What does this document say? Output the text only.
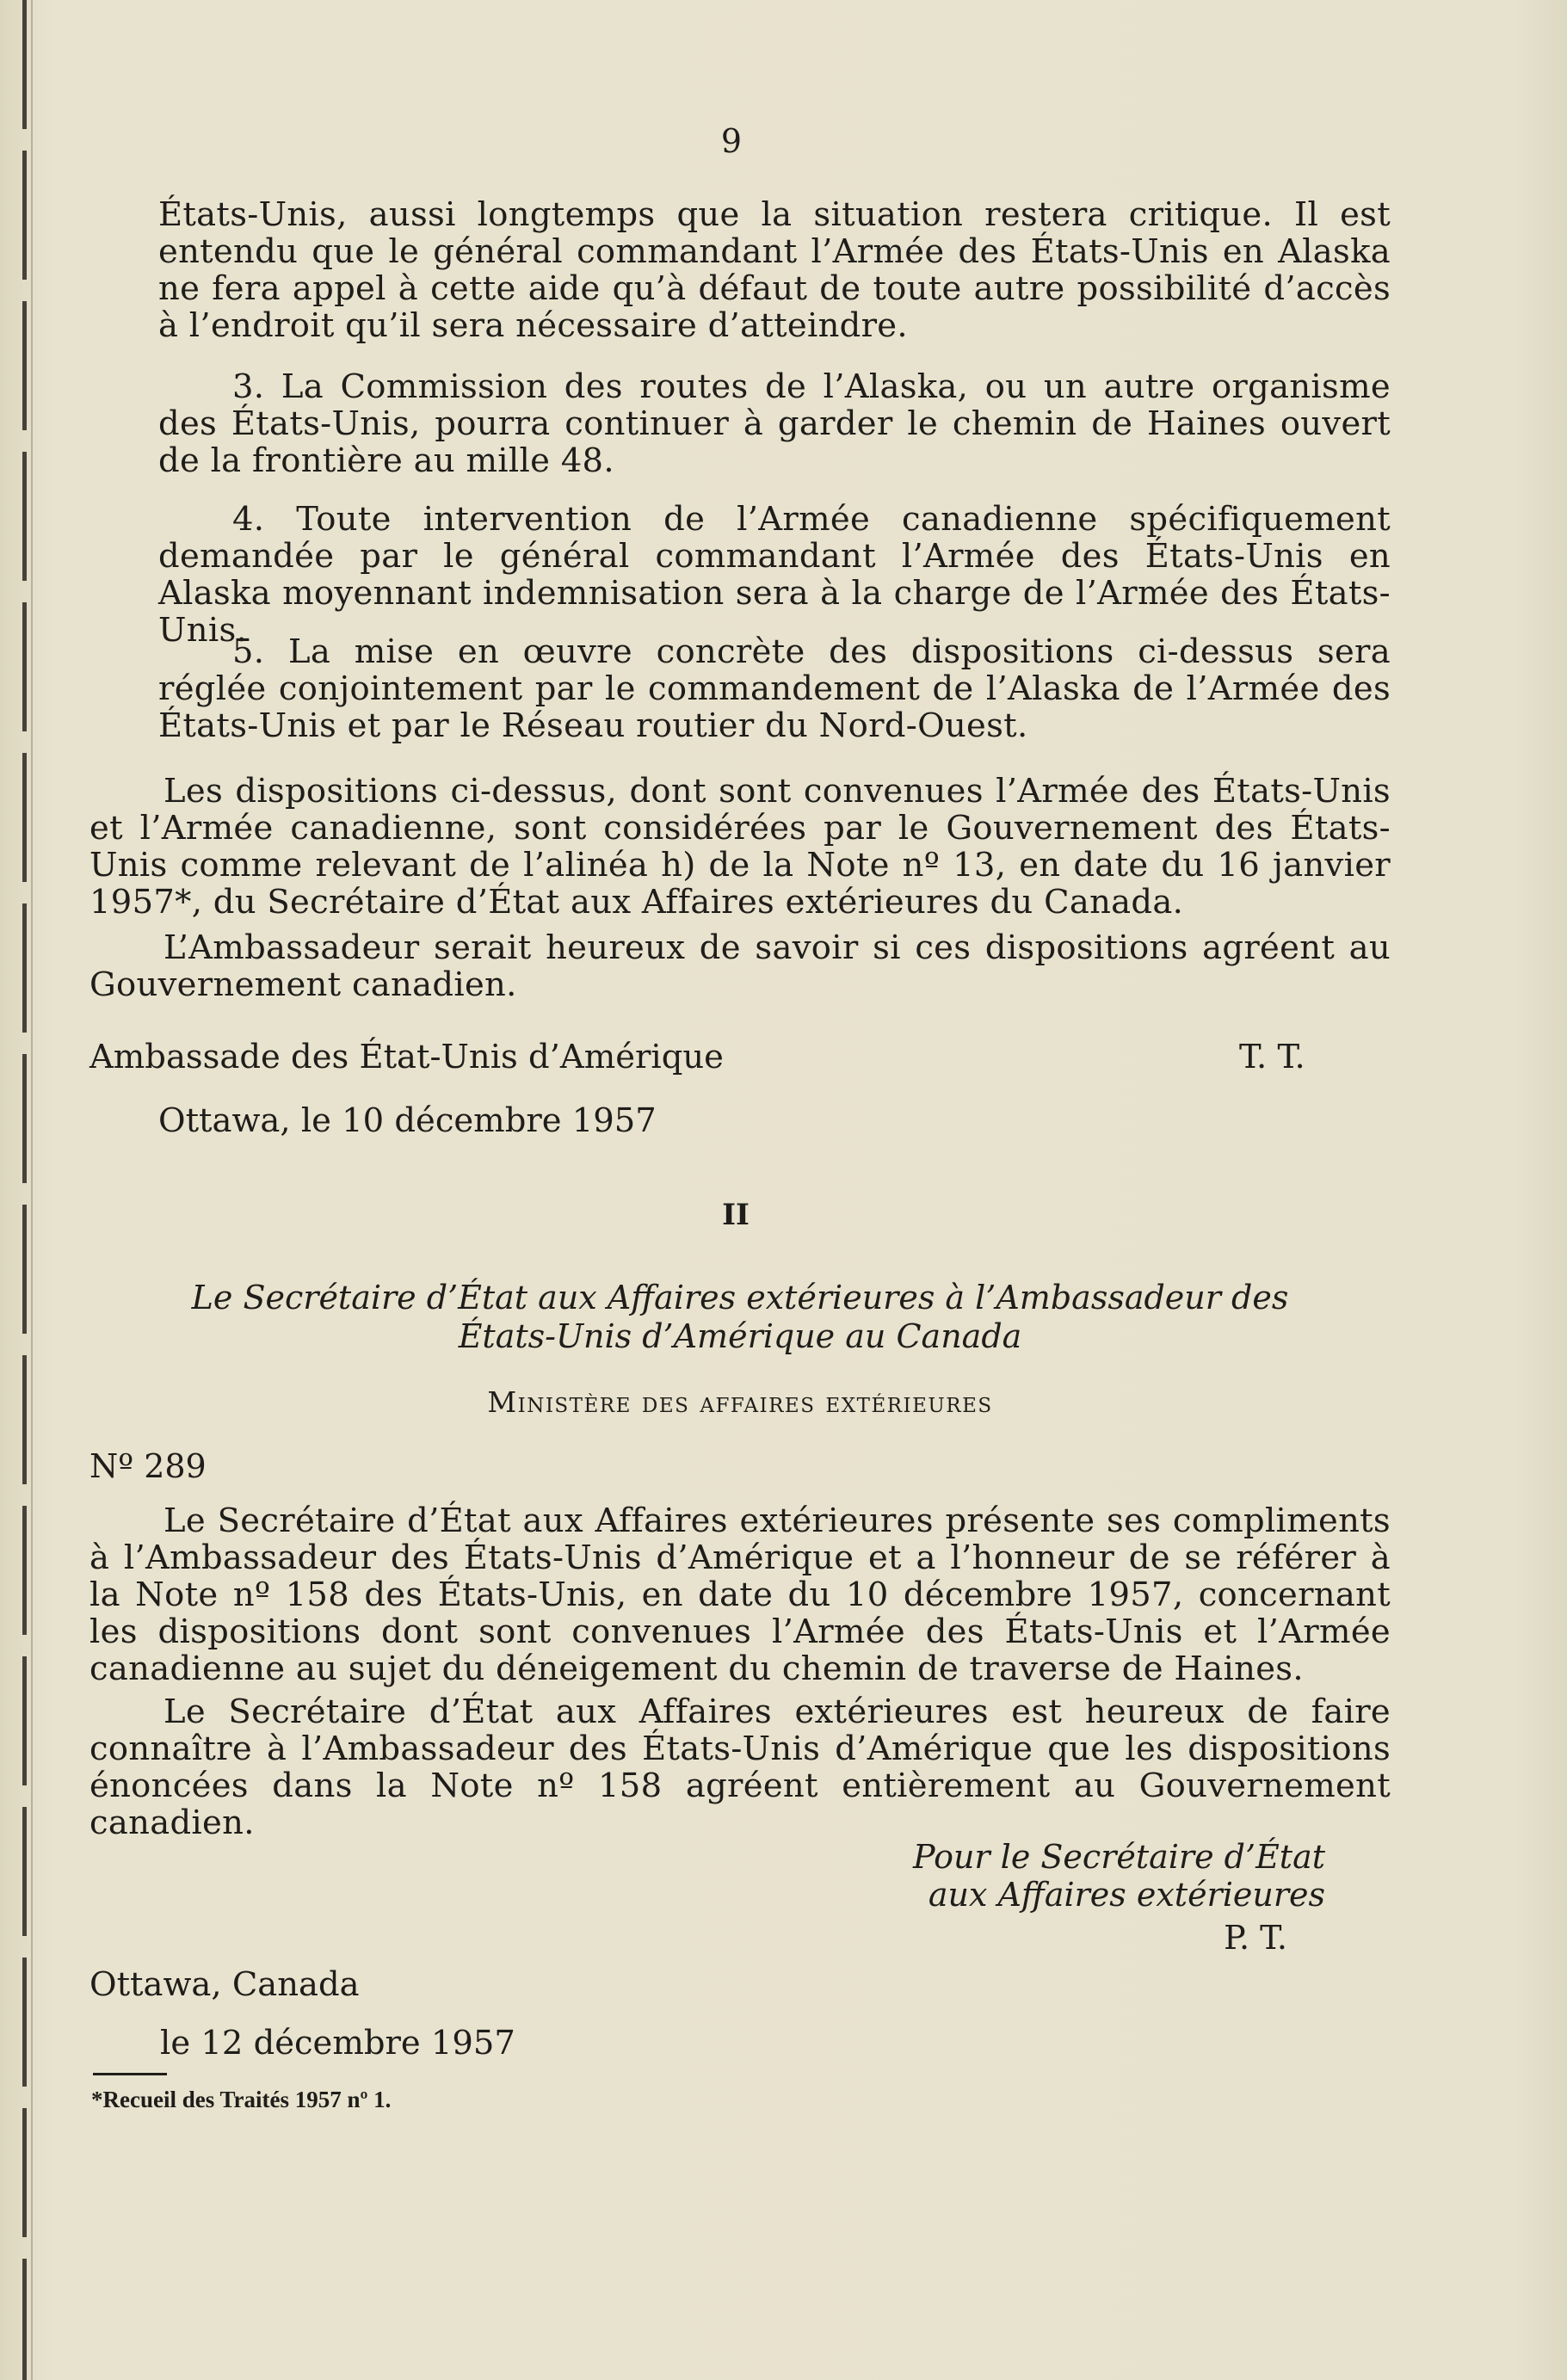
9
États-Unis, aussi longtemps que la situation restera critique. Il est entendu que le général commandant l’Armée des États-Unis en Alaska ne fera appel à cette aide qu’à défaut de toute autre possibilité d’accès à l’endroit qu’il sera nécessaire d’atteindre.
3. La Commission des routes de l’Alaska, ou un autre organisme des États-Unis, pourra continuer à garder le chemin de Haines ouvert de la frontière au mille 48.
4. Toute intervention de l’Armée canadienne spécifiquement demandée par le général commandant l’Armée des États-Unis en Alaska moyennant indemnisation sera à la charge de l’Armée des États-Unis.
5. La mise en œuvre concrète des dispositions ci-dessus sera réglée conjointement par le commandement de l’Alaska de l’Armée des États-Unis et par le Réseau routier du Nord-Ouest.
Les dispositions ci-dessus, dont sont convenues l’Armée des États-Unis et l’Armée canadienne, sont considérées par le Gouvernement des États-Unis comme relevant de l’alinéa h) de la Note nº 13, en date du 16 janvier 1957*, du Secrétaire d’État aux Affaires extérieures du Canada.
L’Ambassadeur serait heureux de savoir si ces dispositions agréent au Gouvernement canadien.
Ambassade des État-Unis d’Amérique	T. T.
Ottawa, le 10 décembre 1957
II
Le Secrétaire d’État aux Affaires extérieures à l’Ambassadeur des
États-Unis d’Amérique au Canada
Ministère des affaires extérieures
Nº 289
Le Secrétaire d’État aux Affaires extérieures présente ses compliments à l’Ambassadeur des États-Unis d’Amérique et a l’honneur de se référer à la Note nº 158 des États-Unis, en date du 10 décembre 1957, concernant les dispositions dont sont convenues l’Armée des États-Unis et l’Armée canadienne au sujet du déneigement du chemin de traverse de Haines.
Le Secrétaire d’État aux Affaires extérieures est heureux de faire connaître à l’Ambassadeur des États-Unis d’Amérique que les dispositions énoncées dans la Note nº 158 agréent entièrement au Gouvernement canadien.
Pour le Secrétaire d’État
aux Affaires extérieures
P. T.
Ottawa, Canada
le 12 décembre 1957
*Recueil des Traités 1957 nº 1.
